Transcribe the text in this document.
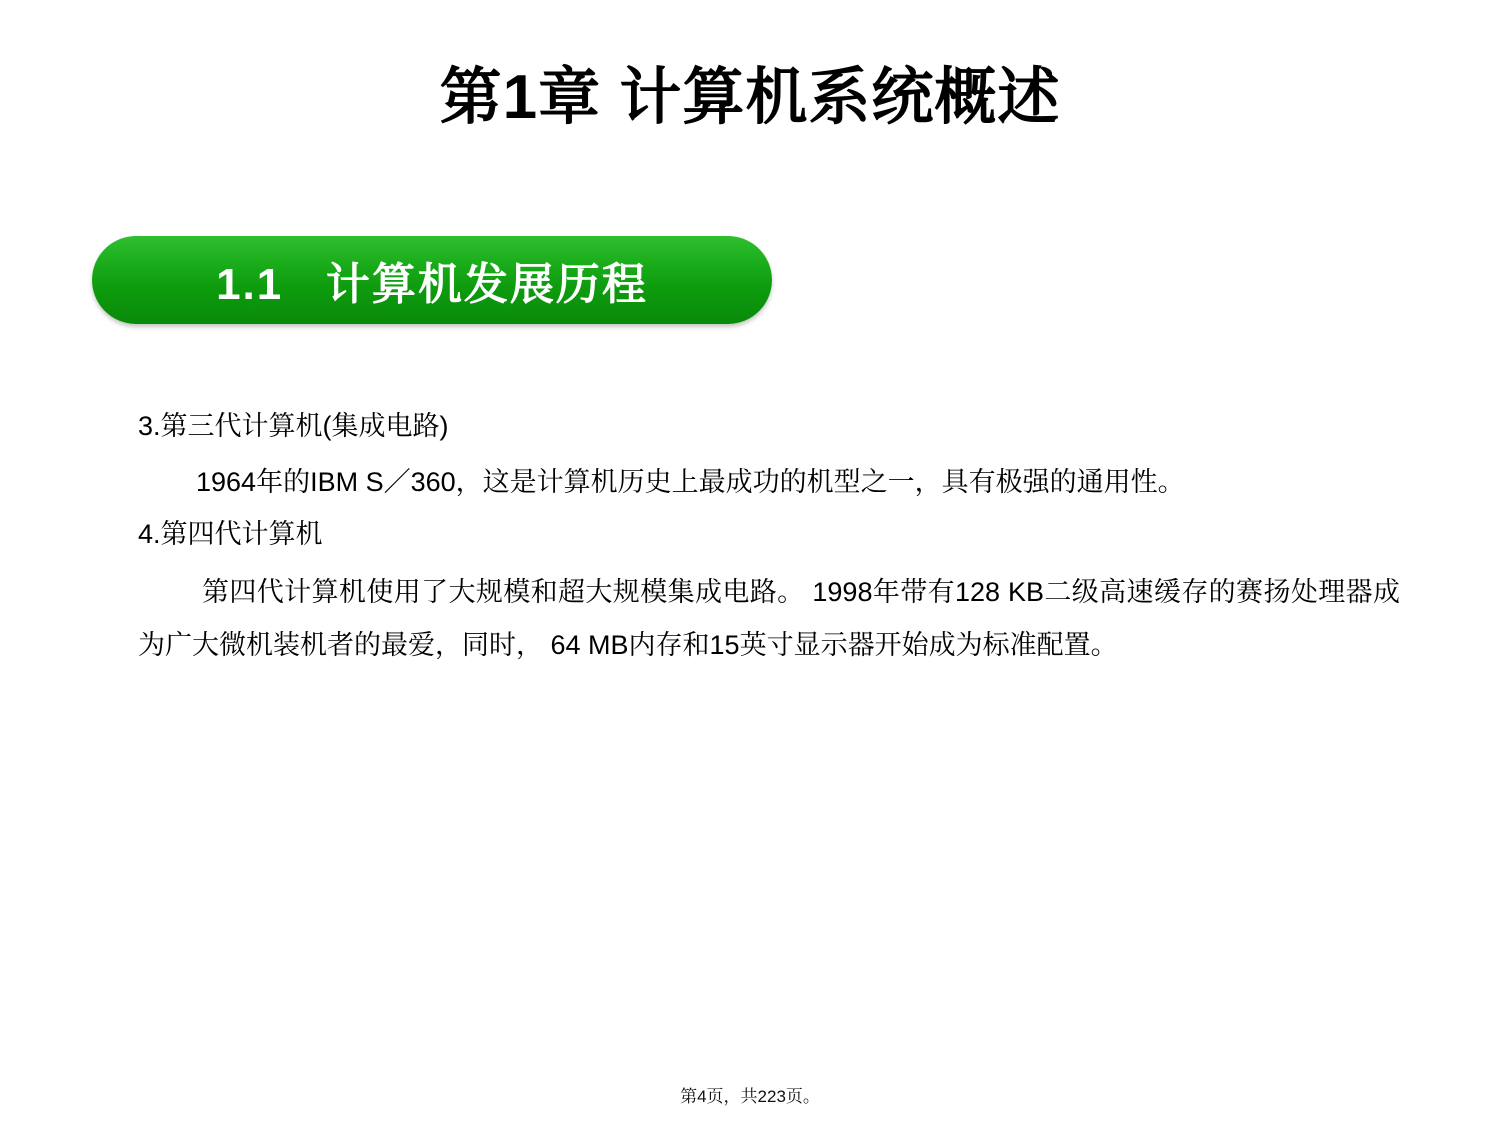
第1章 计算机系统概述
1.1   计算机发展历程
3.第三代计算机(集成电路)
1964年的IBM S／360，这是计算机历史上最成功的机型之一，具有极强的通用性。
4.第四代计算机
第四代计算机使用了大规模和超大规模集成电路。 1998年带有128 KB二级高速缓存的赛扬处理器成为广大微机装机者的最爱，同时， 64 MB内存和15英寸显示器开始成为标准配置。
第4页，共223页。
